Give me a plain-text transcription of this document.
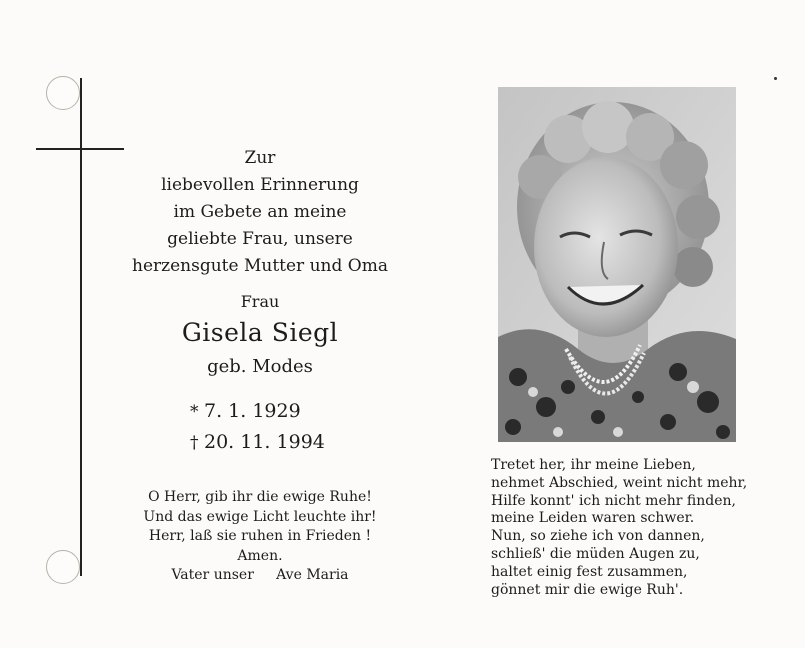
Zur
liebevollen Erinnerung
im Gebete an meine
geliebte Frau, unsere
herzensgute Mutter und Oma
Frau
Gisela Siegl
geb. Modes
* 7. 1. 1929
† 20. 11. 1994
O Herr, gib ihr die ewige Ruhe!
Und das ewige Licht leuchte ihr!
Herr, laß sie ruhen in Frieden !
Amen.
Vater unser     Ave Maria
Tretet her, ihr meine Lieben,
nehmet Abschied, weint nicht mehr,
Hilfe konnt' ich nicht mehr finden,
meine Leiden waren schwer.
Nun, so ziehe ich von dannen,
schließ' die müden Augen zu,
haltet einig fest zusammen,
gönnet mir die ewige Ruh'.
